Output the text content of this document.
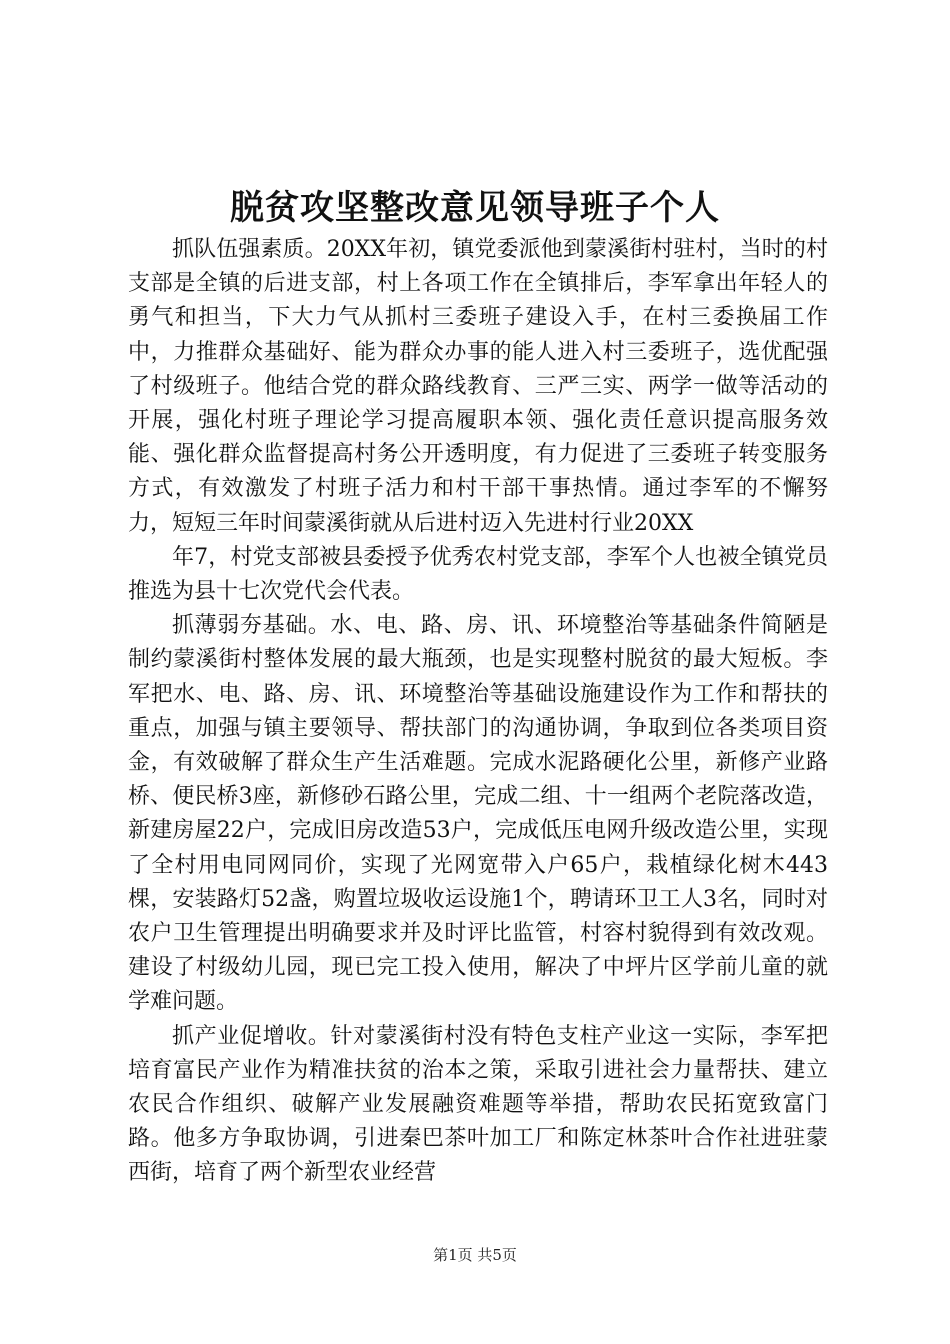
脱贫攻坚整改意见领导班子个人

抓队伍强素质。20XX年初，镇党委派他到蒙溪街村驻村，当时的村支部是全镇的后进支部，村上各项工作在全镇排后，李军拿出年轻人的勇气和担当，下大力气从抓村三委班子建设入手，在村三委换届工作中，力推群众基础好、能为群众办事的能人进入村三委班子，选优配强了村级班子。他结合党的群众路线教育、三严三实、两学一做等活动的开展，强化村班子理论学习提高履职本领、强化责任意识提高服务效能、强化群众监督提高村务公开透明度，有力促进了三委班子转变服务方式，有效激发了村班子活力和村干部干事热情。通过李军的不懈努力，短短三年时间蒙溪街就从后进村迈入先进村行业20XX

年7，村党支部被县委授予优秀农村党支部，李军个人也被全镇党员推选为县十七次党代会代表。

抓薄弱夯基础。水、电、路、房、讯、环境整治等基础条件简陋是制约蒙溪街村整体发展的最大瓶颈，也是实现整村脱贫的最大短板。李军把水、电、路、房、讯、环境整治等基础设施建设作为工作和帮扶的重点，加强与镇主要领导、帮扶部门的沟通协调，争取到位各类项目资金，有效破解了群众生产生活难题。完成水泥路硬化公里，新修产业路桥、便民桥3座，新修砂石路公里，完成二组、十一组两个老院落改造，新建房屋22户，完成旧房改造53户，完成低压电网升级改造公里，实现了全村用电同网同价，实现了光网宽带入户65户，栽植绿化树木443棵，安装路灯52盏，购置垃圾收运设施1个，聘请环卫工人3名，同时对农户卫生管理提出明确要求并及时评比监管，村容村貌得到有效改观。建设了村级幼儿园，现已完工投入使用，解决了中坪片区学前儿童的就学难问题。

抓产业促增收。针对蒙溪街村没有特色支柱产业这一实际，李军把培育富民产业作为精准扶贫的治本之策，采取引进社会力量帮扶、建立农民合作组织、破解产业发展融资难题等举措，帮助农民拓宽致富门路。他多方争取协调，引进秦巴茶叶加工厂和陈定林茶叶合作社进驻蒙西街，培育了两个新型农业经营

第1页 共5页
